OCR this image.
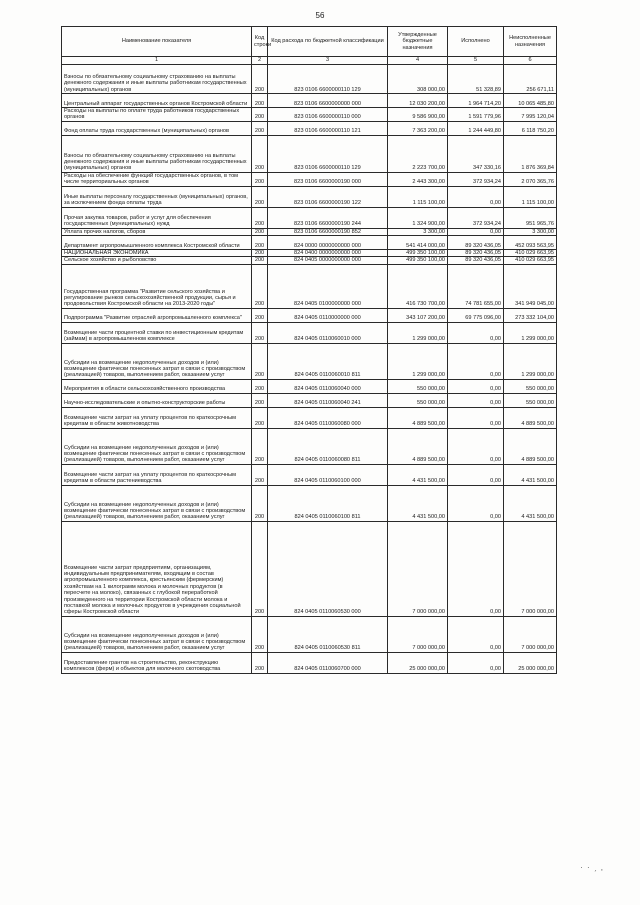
56
Наименование показателя	Код строки	Код расхода по бюджетной классификации	Утвержденные бюджетные назначения	Исполнено	Неисполненные назначения
1	2	3	4	5	6
Взносы по обязательному социальному страхованию на выплаты денежного содержания и иные выплаты работникам государственных (муниципальных) органов	200	823 0106 6600000110 129	308 000,00	51 328,89	256 671,11
Центральный аппарат государственных органов Костромской области	200	823 0106 6600000000 000	12 030 200,00	1 964 714,20	10 065 485,80
Расходы на выплаты по оплате труда работников государственных органов	200	823 0106 6600000110 000	9 586 900,00	1 591 779,96	7 995 120,04
Фонд оплаты труда государственных (муниципальных) органов	200	823 0106 6600000110 121	7 363 200,00	1 244 449,80	6 118 750,20
Взносы по обязательному социальному страхованию на выплаты денежного содержания и иные выплаты работникам государственных (муниципальных) органов	200	823 0106 6600000110 129	2 223 700,00	347 330,16	1 876 369,84
Расходы на обеспечение функций государственных органов, в том числе территориальных органов	200	823 0106 6600000190 000	2 443 300,00	372 934,24	2 070 365,76
Иные выплаты персоналу государственных (муниципальных) органов, за исключением фонда оплаты труда	200	823 0106 6600000190 122	1 115 100,00	0,00	1 115 100,00
Прочая закупка товаров, работ и услуг для обеспечения государственных (муниципальных) нужд	200	823 0106 6600000190 244	1 324 900,00	372 934,24	951 965,76
Уплата прочих налогов, сборов	200	823 0106 6600000190 852	3 300,00	0,00	3 300,00
Департамент агропромышленного комплекса Костромской области	200	824 0000 0000000000 000	541 414 000,00	89 320 436,05	452 093 563,95
НАЦИОНАЛЬНАЯ ЭКОНОМИКА	200	824 0400 0000000000 000	499 350 100,00	89 320 436,05	410 029 663,95
Сельское хозяйство и рыболовство	200	824 0405 0000000000 000	499 350 100,00	89 320 436,05	410 029 663,95
Государственная программа "Развитие сельского хозяйства и регулирование рынков сельскохозяйственной продукции, сырья и продовольствия Костромской области на 2013-2020 годы"	200	824 0405 0100000000 000	416 730 700,00	74 781 655,00	341 949 045,00
Подпрограмма "Развитие отраслей агропромышленного комплекса"	200	824 0405 0110000000 000	343 107 200,00	69 775 096,00	273 332 104,00
Возмещение части процентной ставки по инвестиционным кредитам (займам) в агропромышленном комплексе	200	824 0405 0110060010 000	1 299 000,00	0,00	1 299 000,00
Субсидии на возмещение недополученных доходов и (или) возмещение фактически понесенных затрат в связи с производством (реализацией) товаров, выполнением работ, оказанием услуг	200	824 0405 0110060010 811	1 299 000,00	0,00	1 299 000,00
Мероприятия в области сельскохозяйственного производства	200	824 0405 0110060040 000	550 000,00	0,00	550 000,00
Научно-исследовательские и опытно-конструкторские работы	200	824 0405 0110060040 241	550 000,00	0,00	550 000,00
Возмещение части затрат на уплату процентов по краткосрочным кредитам в области животноводства	200	824 0405 0110060080 000	4 889 500,00	0,00	4 889 500,00
Субсидии на возмещение недополученных доходов и (или) возмещение фактически понесенных затрат в связи с производством (реализацией) товаров, выполнением работ, оказанием услуг	200	824 0405 0110060080 811	4 889 500,00	0,00	4 889 500,00
Возмещение части затрат на уплату процентов по краткосрочным кредитам в области растениеводства	200	824 0405 0110060100 000	4 431 500,00	0,00	4 431 500,00
Субсидии на возмещение недополученных доходов и (или) возмещение фактически понесенных затрат в связи с производством (реализацией) товаров, выполнением работ, оказанием услуг	200	824 0405 0110060100 811	4 431 500,00	0,00	4 431 500,00
Возмещение части затрат предприятиям, организациям, индивидуальным предпринимателям, входящим в состав агропромышленного комплекса, крестьянским (фермерским) хозяйствам на 1 килограмм молока и молочных продуктов (в пересчете на молоко), связанных с глубокой переработкой произведенного на территории Костромской области молока и поставкой молока и молочных продуктов в учреждения социальной сферы Костромской области	200	824 0405 0110060530 000	7 000 000,00	0,00	7 000 000,00
Субсидии на возмещение недополученных доходов и (или) возмещение фактически понесенных затрат в связи с производством (реализацией) товаров, выполнением работ, оказанием услуг	200	824 0405 0110060530 811	7 000 000,00	0,00	7 000 000,00
Предоставление грантов на строительство, реконструкцию комплексов (ферм) и объектов для молочного скотоводства	200	824 0405 0110060700 000	25 000 000,00	0,00	25 000 000,00
· · ˏ ,
